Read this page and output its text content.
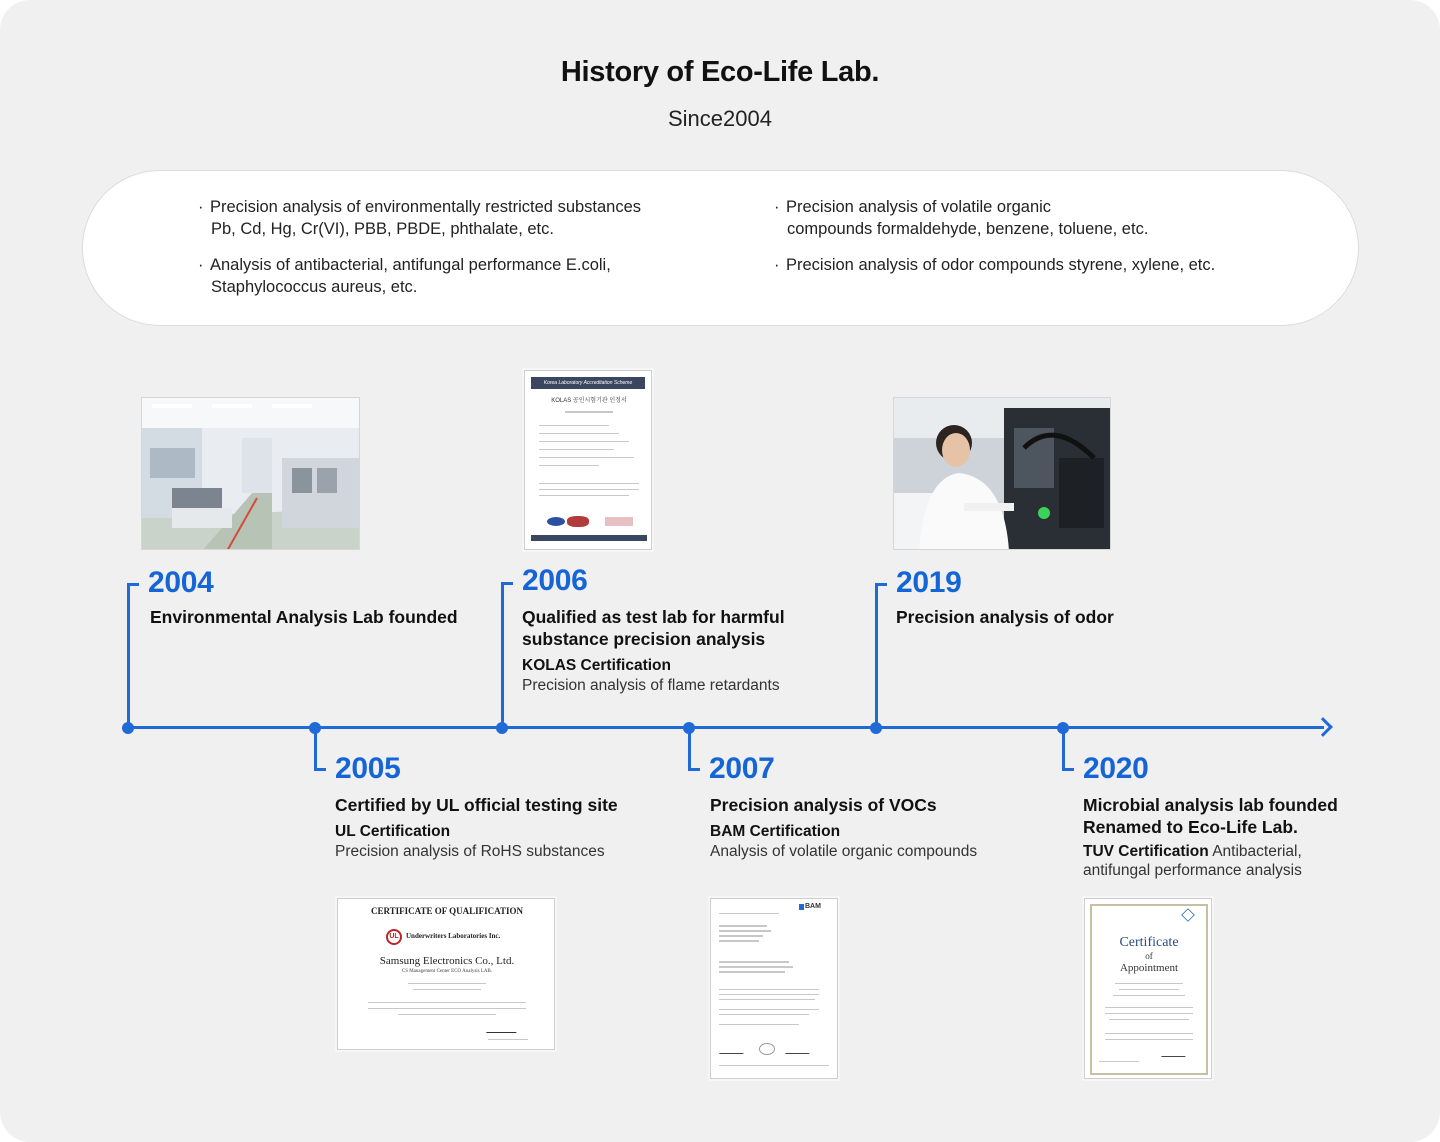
History of Eco-Life Lab.
Since2004
· Precision analysis of environmentally restricted substances
Pb, Cd, Hg, Cr(VI), PBB, PBDE, phthalate, etc.
· Analysis of antibacterial, antifungal performance E.coli,
Staphylococcus aureus, etc.
· Precision analysis of volatile organic
compounds formaldehyde, benzene, toluene, etc.
· Precision analysis of odor compounds styrene, xylene, etc.
Korea Laboratory Accreditation Scheme
KOLAS 공인시험기관 인정서
2004
Environmental Analysis Lab founded
2006
Qualified as test lab for harmful
substance precision analysis
KOLAS Certification
Precision analysis of flame retardants
2019
Precision analysis of odor
2005
Certified by UL official testing site
UL Certification
Precision analysis of RoHS substances
2007
Precision analysis of VOCs
BAM Certification
Analysis of volatile organic compounds
2020
Microbial analysis lab founded
Renamed to Eco-Life Lab.
TUV Certification Antibacterial,
antifungal performance analysis
CERTIFICATE OF QUALIFICATION
UL	Underwriters Laboratories Inc.
Samsung Electronics Co., Ltd.
CS Management Center ECO Analysis LAB.
BAM
Certificate
of
Appointment
